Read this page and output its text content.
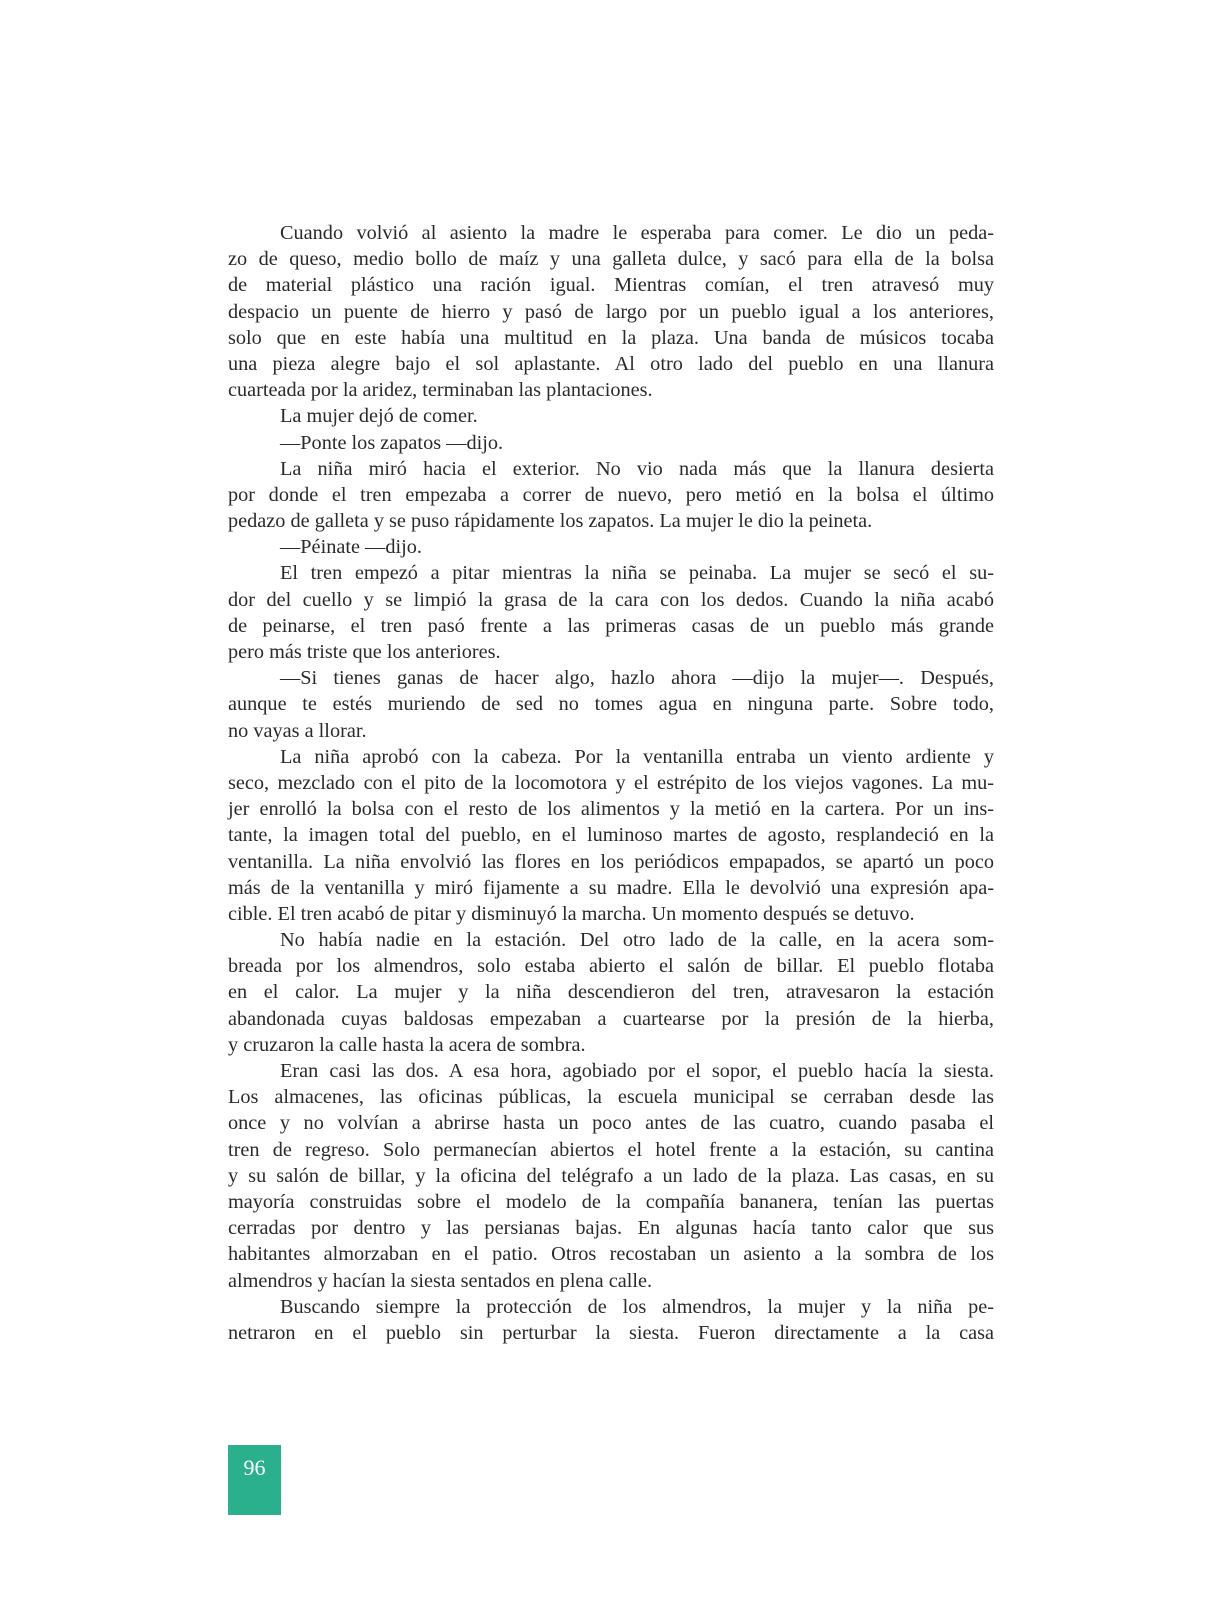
Cuando volvió al asiento la madre le esperaba para comer. Le dio un peda-
zo de queso, medio bollo de maíz y una galleta dulce, y sacó para ella de la bolsa
de material plástico una ración igual. Mientras comían, el tren atravesó muy
despacio un puente de hierro y pasó de largo por un pueblo igual a los anteriores,
solo que en este había una multitud en la plaza. Una banda de músicos tocaba
una pieza alegre bajo el sol aplastante. Al otro lado del pueblo en una llanura
cuarteada por la aridez, terminaban las plantaciones.
La mujer dejó de comer.
—Ponte los zapatos —dijo.
La niña miró hacia el exterior. No vio nada más que la llanura desierta
por donde el tren empezaba a correr de nuevo, pero metió en la bolsa el último
pedazo de galleta y se puso rápidamente los zapatos. La mujer le dio la peineta.
—Péinate —dijo.
El tren empezó a pitar mientras la niña se peinaba. La mujer se secó el su-
dor del cuello y se limpió la grasa de la cara con los dedos. Cuando la niña acabó
de peinarse, el tren pasó frente a las primeras casas de un pueblo más grande
pero más triste que los anteriores.
—Si tienes ganas de hacer algo, hazlo ahora —dijo la mujer—. Después,
aunque te estés muriendo de sed no tomes agua en ninguna parte. Sobre todo,
no vayas a llorar.
La niña aprobó con la cabeza. Por la ventanilla entraba un viento ardiente y
seco, mezclado con el pito de la locomotora y el estrépito de los viejos vagones. La mu-
jer enrolló la bolsa con el resto de los alimentos y la metió en la cartera. Por un ins-
tante, la imagen total del pueblo, en el luminoso martes de agosto, resplandeció en la
ventanilla. La niña envolvió las flores en los periódicos empapados, se apartó un poco
más de la ventanilla y miró fijamente a su madre. Ella le devolvió una expresión apa-
cible. El tren acabó de pitar y disminuyó la marcha. Un momento después se detuvo.
No había nadie en la estación. Del otro lado de la calle, en la acera som-
breada por los almendros, solo estaba abierto el salón de billar. El pueblo flotaba
en el calor. La mujer y la niña descendieron del tren, atravesaron la estación
abandonada cuyas baldosas empezaban a cuartearse por la presión de la hierba,
y cruzaron la calle hasta la acera de sombra.
Eran casi las dos. A esa hora, agobiado por el sopor, el pueblo hacía la siesta.
Los almacenes, las oficinas públicas, la escuela municipal se cerraban desde las
once y no volvían a abrirse hasta un poco antes de las cuatro, cuando pasaba el
tren de regreso. Solo permanecían abiertos el hotel frente a la estación, su cantina
y su salón de billar, y la oficina del telégrafo a un lado de la plaza. Las casas, en su
mayoría construidas sobre el modelo de la compañía bananera, tenían las puertas
cerradas por dentro y las persianas bajas. En algunas hacía tanto calor que sus
habitantes almorzaban en el patio. Otros recostaban un asiento a la sombra de los
almendros y hacían la siesta sentados en plena calle.
Buscando siempre la protección de los almendros, la mujer y la niña pe-
netraron en el pueblo sin perturbar la siesta. Fueron directamente a la casa
96
